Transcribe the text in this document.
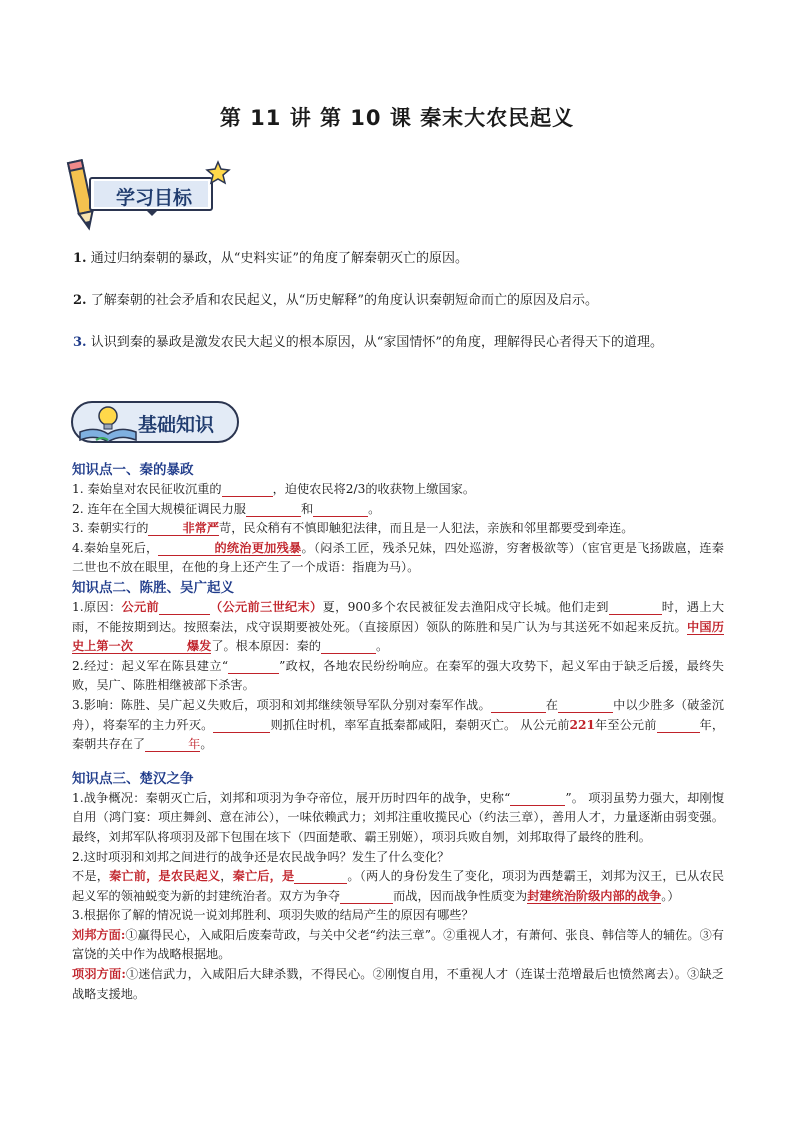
第 11 讲 第 10 课 秦末大农民起义
学习目标

1. 通过归纳秦朝的暴政，从“史料实证”的角度了解秦朝灭亡的原因。

2. 了解秦朝的社会矛盾和农民起义，从“历史解释”的角度认识秦朝短命而亡的原因及启示。

3. 认识到秦的暴政是激发农民大起义的根本原因，从“家国情怀”的角度，理解得民心者得天下的道理。

基础知识

知识点一、秦的暴政

1. 秦始皇对农民征收沉重的	，迫使农民将2/3的收获物上缴国家。

2. 连年在全国大规模征调民力服	和	。

3. 秦朝实行的	非常严苛，民众稍有不慎即触犯法律，而且是一人犯法，亲族和邻里都要受到牵连。

4.秦始皇死后，	的统治更加残暴。（闷杀工匠，残杀兄妹，四处巡游，穷奢极欲等）（宦官更是飞扬跋扈，连秦二世也不放在眼里，在他的身上还产生了一个成语：指鹿为马）。

知识点二、陈胜、吴广起义

1.原因：公元前	（公元前三世纪末）夏，900多个农民被征发去渔阳戍守长城。他们走到	时，遇上大雨，不能按期到达。按照秦法，戍守误期要被处死。（直接原因）领队的陈胜和吴广认为与其送死不如起来反抗。中国历史上第一次	爆发了。根本原因：秦的	。

2.经过：起义军在陈县建立“	”政权，各地农民纷纷响应。在秦军的强大攻势下，起义军由于缺乏后援，最终失败，吴广、陈胜相继被部下杀害。

3.影响：陈胜、吴广起义失败后，项羽和刘邦继续领导军队分别对秦军作战。	在	中以少胜多（破釜沉舟），将秦军的主力歼灭。	则抓住时机，率军直抵秦都咸阳，秦朝灭亡。 从公元前221年至公元前	年，秦朝共存在了	年。

知识点三、楚汉之争

1.战争概况：秦朝灭亡后，刘邦和项羽为争夺帝位，展开历时四年的战争，史称“	”。 项羽虽势力强大，却刚愎自用（鸿门宴：项庄舞剑、意在沛公），一味依赖武力；刘邦注重收揽民心（约法三章），善用人才，力量逐渐由弱变强。最终，刘邦军队将项羽及部下包围在垓下（四面楚歌、霸王别姬），项羽兵败自刎，刘邦取得了最终的胜利。

2.这时项羽和刘邦之间进行的战争还是农民战争吗？发生了什么变化？

不是，秦亡前，是农民起义，秦亡后，是	。（两人的身份发生了变化，项羽为西楚霸王，刘邦为汉王，已从农民起义军的领袖蜕变为新的封建统治者。双方为争夺	而战，因而战争性质变为封建统治阶级内部的战争。）

3.根据你了解的情况说一说刘邦胜利、项羽失败的结局产生的原因有哪些？

刘邦方面:①赢得民心，入咸阳后废秦苛政，与关中父老“约法三章”。②重视人才，有萧何、张良、韩信等人的辅佐。③有富饶的关中作为战略根据地。

项羽方面:①迷信武力，入咸阳后大肆杀戮，不得民心。②刚愎自用，不重视人才（连谋士范增最后也愤然离去）。③缺乏战略支援地。
